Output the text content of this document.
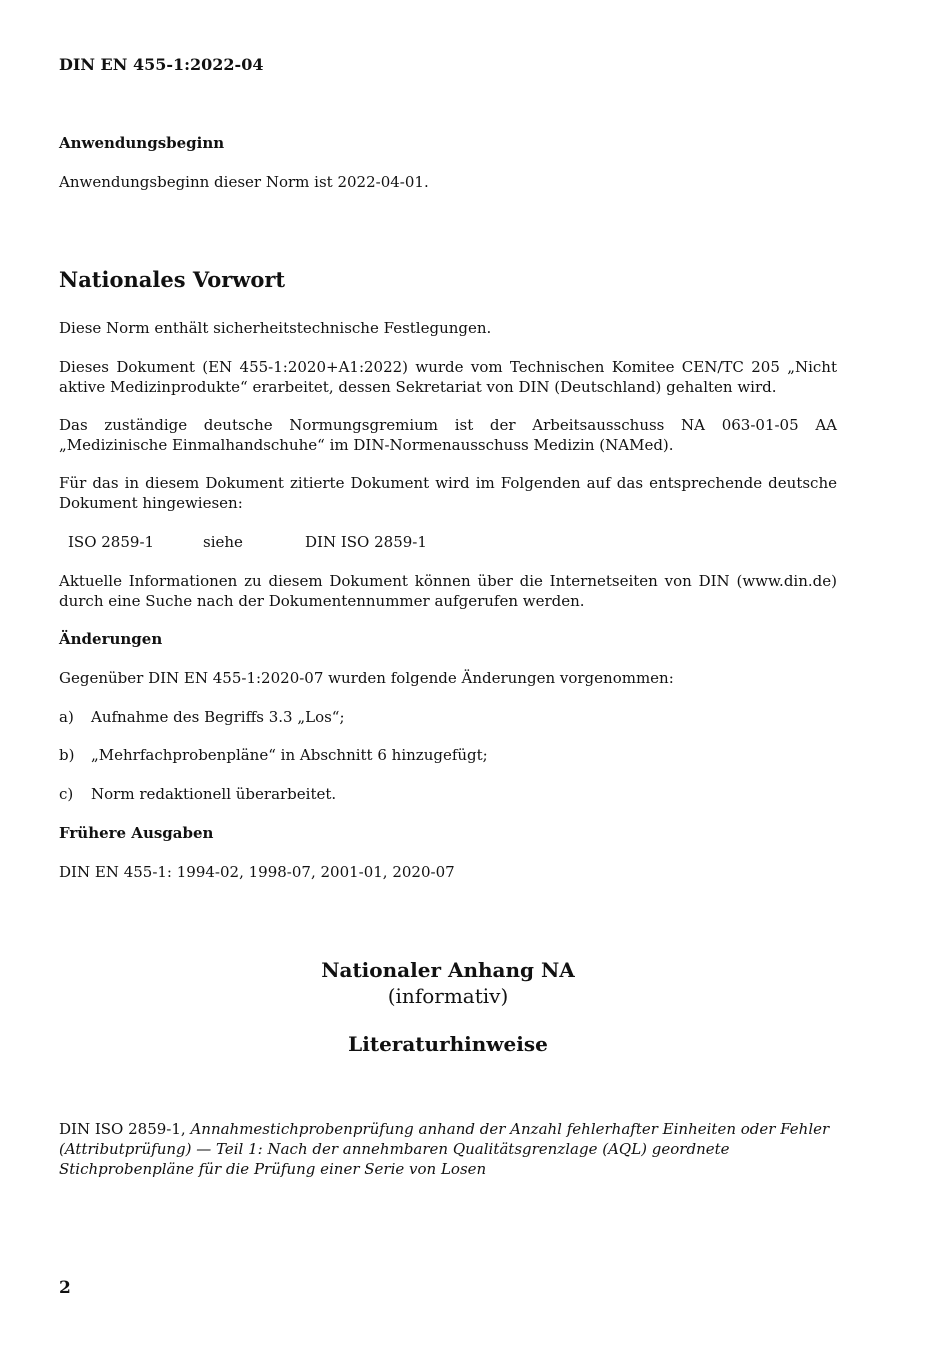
DIN EN 455-1:2022-04
Anwendungsbeginn
Anwendungsbeginn dieser Norm ist 2022-04-01.
Nationales Vorwort
Diese Norm enthält sicherheitstechnische Festlegungen.
Dieses Dokument (EN 455-1:2020+A1:2022) wurde vom Technischen Komitee CEN/TC 205 „Nicht aktive Medizinprodukte“ erarbeitet, dessen Sekretariat von DIN (Deutschland) gehalten wird.
Das zuständige deutsche Normungsgremium ist der Arbeitsausschuss NA 063-01-05 AA „Medizinische Einmalhandschuhe“ im DIN-Normenausschuss Medizin (NAMed).
Für das in diesem Dokument zitierte Dokument wird im Folgenden auf das entsprechende deutsche Dokument hingewiesen:
ISO 2859-1	siehe	DIN ISO 2859-1
Aktuelle Informationen zu diesem Dokument können über die Internetseiten von DIN (www.din.de) durch eine Suche nach der Dokumentennummer aufgerufen werden.
Änderungen
Gegenüber DIN EN 455-1:2020-07 wurden folgende Änderungen vorgenommen:
a) Aufnahme des Begriffs 3.3 „Los“;
b) „Mehrfachprobenpläne“ in Abschnitt 6 hinzugefügt;
c) Norm redaktionell überarbeitet.
Frühere Ausgaben
DIN EN 455-1: 1994-02, 1998-07, 2001-01, 2020-07
Nationaler Anhang NA
(informativ)
Literaturhinweise
DIN ISO 2859-1, Annahmestichprobenprüfung anhand der Anzahl fehlerhafter Einheiten oder Fehler (Attributprüfung) — Teil 1: Nach der annehmbaren Qualitätsgrenzlage (AQL) geordnete Stichprobenpläne für die Prüfung einer Serie von Losen
2
